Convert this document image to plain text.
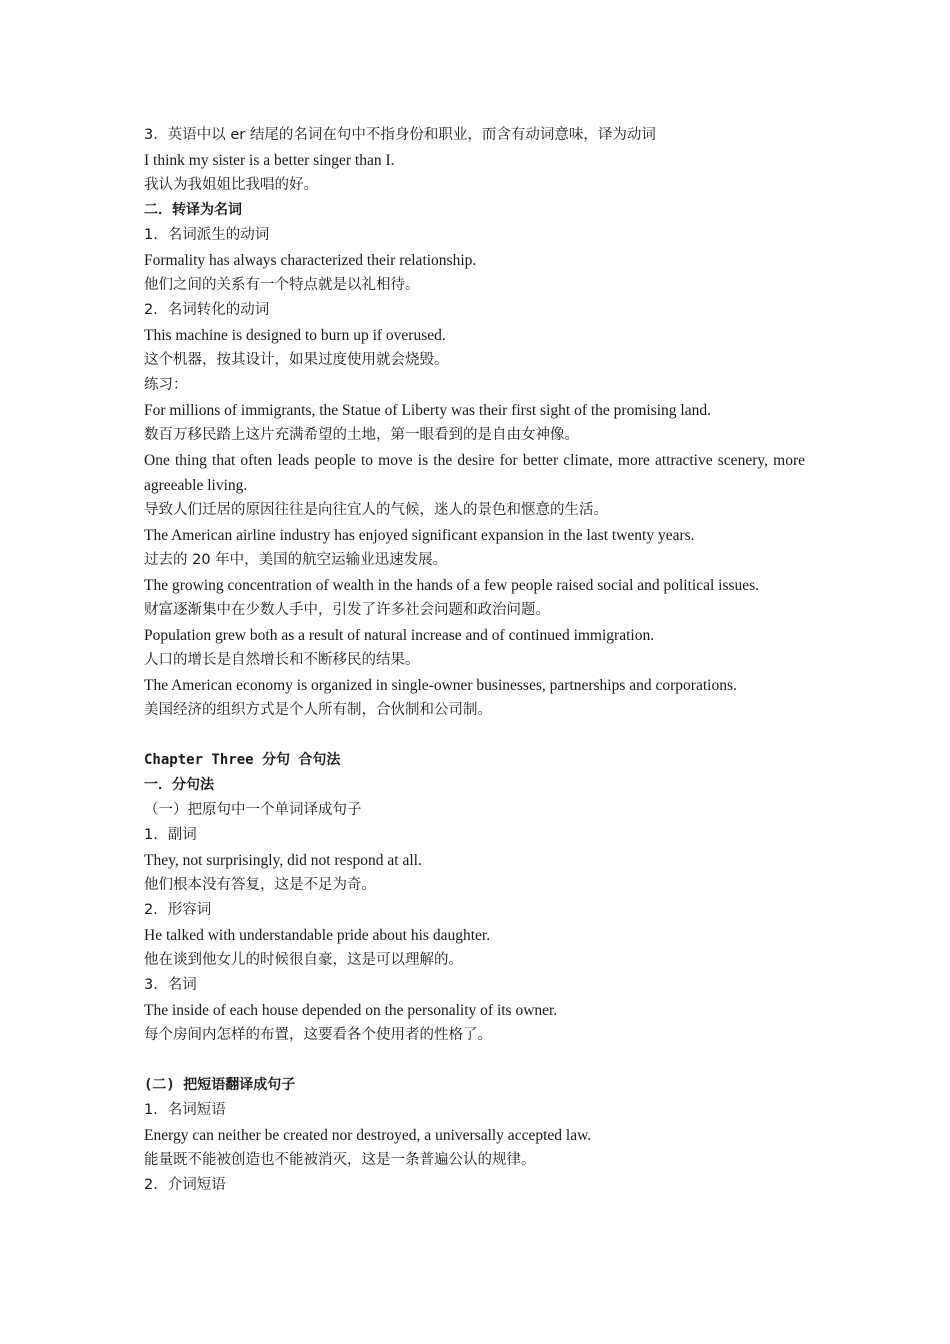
3．英语中以 er 结尾的名词在句中不指身份和职业，而含有动词意味，译为动词
I think my sister is a better singer than I.
我认为我姐姐比我唱的好。
二．转译为名词
1．名词派生的动词
Formality has always characterized their relationship.
他们之间的关系有一个特点就是以礼相待。
2．名词转化的动词
This machine is designed to burn up if overused.
这个机器，按其设计，如果过度使用就会烧毁。
练习：
For millions of immigrants, the Statue of Liberty was their first sight of the promising land.
数百万移民踏上这片充满希望的土地，第一眼看到的是自由女神像。
One thing that often leads people to move is the desire for better climate, more attractive scenery, more agreeable living.
导致人们迁居的原因往往是向往宜人的气候，迷人的景色和惬意的生活。
The American airline industry has enjoyed significant expansion in the last twenty years.
过去的 20 年中，美国的航空运输业迅速发展。
The growing concentration of wealth in the hands of a few people raised social and political issues.
财富逐渐集中在少数人手中，引发了许多社会问题和政治问题。
Population grew both as a result of natural increase and of continued immigration.
人口的增长是自然增长和不断移民的结果。
The American economy is organized in single-owner businesses, partnerships and corporations.
美国经济的组织方式是个人所有制，合伙制和公司制。
Chapter Three 分句 合句法
一．分句法
（一）把原句中一个单词译成句子
1．副词
They, not surprisingly, did not respond at all.
他们根本没有答复，这是不足为奇。
2．形容词
He talked with understandable pride about his daughter.
他在谈到他女儿的时候很自豪，这是可以理解的。
3．名词
The inside of each house depended on the personality of its owner.
每个房间内怎样的布置，这要看各个使用者的性格了。
(二) 把短语翻译成句子
1．名词短语
Energy can neither be created nor destroyed, a universally accepted law.
能量既不能被创造也不能被消灭，这是一条普遍公认的规律。
2．介词短语
